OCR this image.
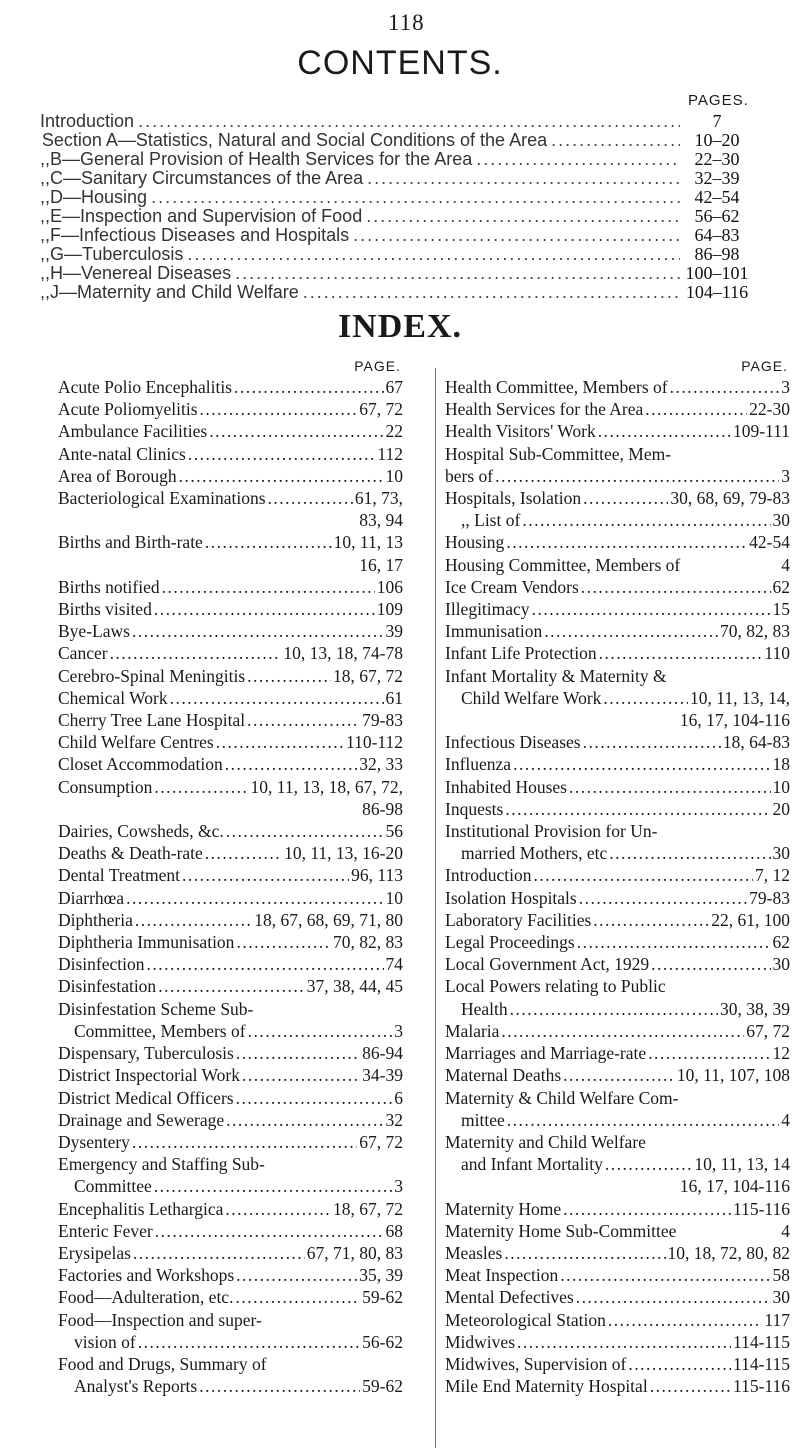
118
CONTENTS.
PAGES.
Introduction .....	7
Section A—Statistics, Natural and Social Conditions of the Area .....	10–20
,, B—General Provision of Health Services for the Area .....	22–30
,, C—Sanitary Circumstances of the Area .....	32–39
,, D—Housing .....	42–54
,, E—Inspection and Supervision of Food .....	56–62
,, F—Infectious Diseases and Hospitals .....	64–83
,, G—Tuberculosis .....	86–98
,, H—Venereal Diseases .....	100–101
,, J—Maternity and Child Welfare .....	104–116
INDEX.
PAGE.
Acute Polio Encephalitis .....	67
Acute Poliomyelitis .....	67, 72
Ambulance Facilities .....	22
Ante-natal Clinics .....	112
Area of Borough .....	10
Bacteriological Examinations .....	61, 73,
83, 94
Births and Birth-rate .....	10, 11, 13
16, 17
Births notified .....	106
Births visited .....	109
Bye-Laws .....	39
Cancer .....	10, 13, 18, 74-78
Cerebro-Spinal Meningitis .....	18, 67, 72
Chemical Work .....	61
Cherry Tree Lane Hospital .....	79-83
Child Welfare Centres .....	110-112
Closet Accommodation .....	32, 33
Consumption .....	10, 11, 13, 18, 67, 72,
86-98
Dairies, Cowsheds, &c. .....	56
Deaths & Death-rate .....	10, 11, 13, 16-20
Dental Treatment .....	96, 113
Diarrhœa .....	10
Diphtheria .....	18, 67, 68, 69, 71, 80
Diphtheria Immunisation .....	70, 82, 83
Disinfection .....	74
Disinfestation .....	37, 38, 44, 45
Disinfestation Scheme Sub-
Committee, Members of .....	3
Dispensary, Tuberculosis .....	86-94
District Inspectorial Work .....	34-39
District Medical Officers .....	6
Drainage and Sewerage .....	32
Dysentery .....	67, 72
Emergency and Staffing Sub-
Committee .....	3
Encephalitis Lethargica .....	18, 67, 72
Enteric Fever .....	68
Erysipelas .....	67, 71, 80, 83
Factories and Workshops .....	35, 39
Food—Adulteration, etc. .....	59-62
Food—Inspection and super-
vision of .....	56-62
Food and Drugs, Summary of
Analyst's Reports .....	59-62
PAGE.
Health Committee, Members of .....	3
Health Services for the Area .....	22-30
Health Visitors' Work .....	109-111
Hospital Sub-Committee, Mem-
bers of .....	3
Hospitals, Isolation .....	30, 68, 69, 79-83
,, List of .....	30
Housing .....	42-54
Housing Committee, Members of	4
Ice Cream Vendors .....	62
Illegitimacy .....	15
Immunisation .....	70, 82, 83
Infant Life Protection .....	110
Infant Mortality & Maternity &
Child Welfare Work .....	10, 11, 13, 14,
16, 17, 104-116
Infectious Diseases .....	18, 64-83
Influenza .....	18
Inhabited Houses .....	10
Inquests .....	20
Institutional Provision for Un-
married Mothers, etc .....	30
Introduction .....	7, 12
Isolation Hospitals .....	79-83
Laboratory Facilities .....	22, 61, 100
Legal Proceedings .....	62
Local Government Act, 1929 .....	30
Local Powers relating to Public
Health .....	30, 38, 39
Malaria .....	67, 72
Marriages and Marriage-rate .....	12
Maternal Deaths .....	10, 11, 107, 108
Maternity & Child Welfare Com-
mittee .....	4
Maternity and Child Welfare
and Infant Mortality .....	10, 11, 13, 14
16, 17, 104-116
Maternity Home .....	115-116
Maternity Home Sub-Committee	4
Measles .....	10, 18, 72, 80, 82
Meat Inspection .....	58
Mental Defectives .....	30
Meteorological Station .....	117
Midwives .....	114-115
Midwives, Supervision of .....	114-115
Mile End Maternity Hospital .....	115-116
